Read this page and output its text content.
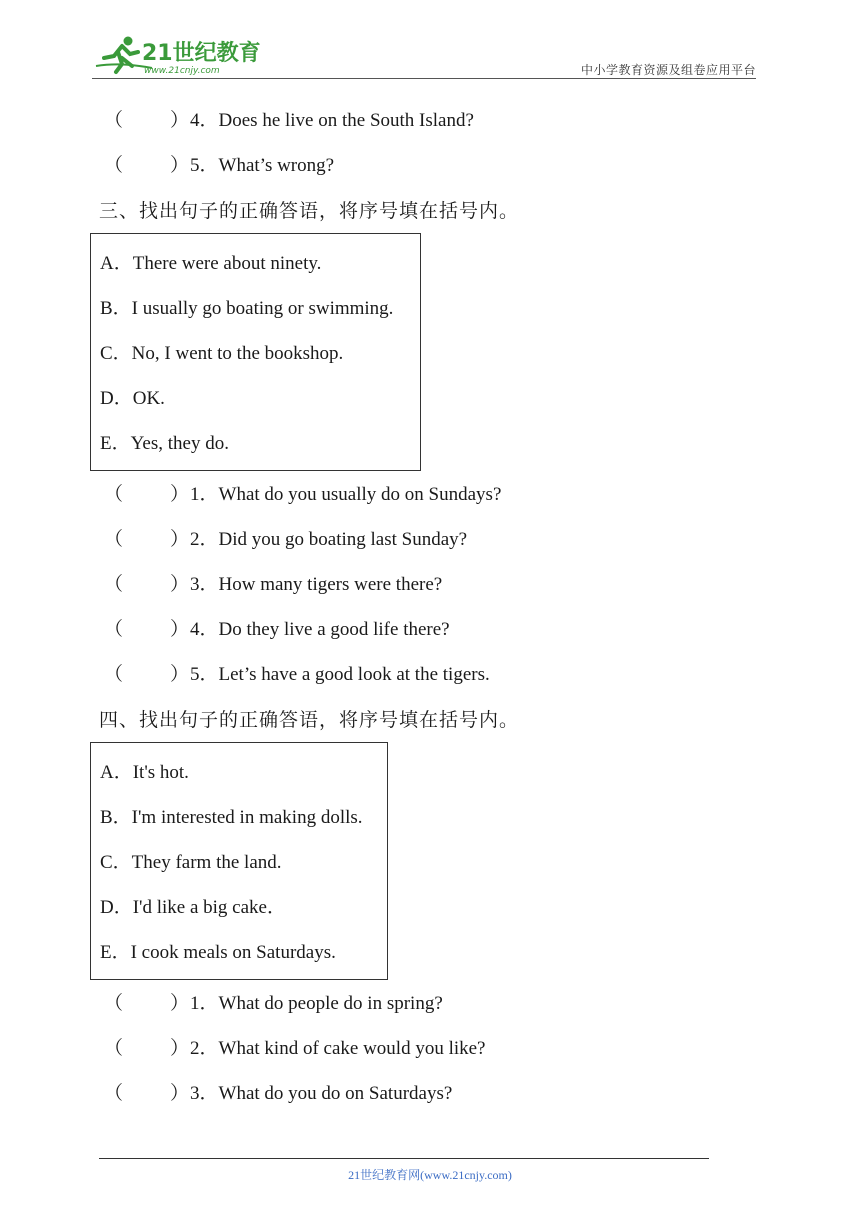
21世纪教育
www.21cnjy.com	中小学教育资源及组卷应用平台
（ ） 4．Does he live on the South Island?
（ ） 5．What’s wrong?
三、找出句子的正确答语，将序号填在括号内。
A．There were about ninety.
B．I usually go boating or swimming.
C．No, I went to the bookshop.
D．OK.
E．Yes, they do.
（ ） 1．What do you usually do on Sundays?
（ ） 2．Did you go boating last Sunday?
（ ） 3．How many tigers were there?
（ ） 4．Do they live a good life there?
（ ） 5．Let’s have a good look at the tigers.
四、找出句子的正确答语，将序号填在括号内。
A．It's hot.
B．I'm interested in making dolls.
C．They farm the land.
D．I'd like a big cake．
E．I cook meals on Saturdays.
（ ） 1．What do people do in spring?
（ ） 2．What kind of cake would you like?
（ ） 3．What do you do on Saturdays?
21世纪教育网(www.21cnjy.com)
